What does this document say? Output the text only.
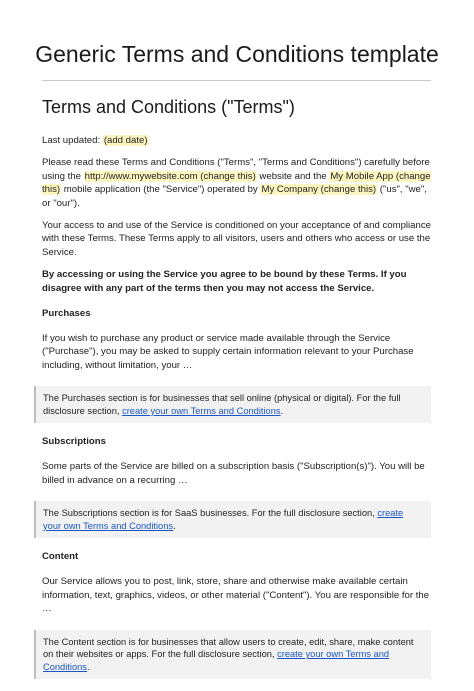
Generic Terms and Conditions template
Terms and Conditions ("Terms")

Last updated: (add date)

Please read these Terms and Conditions ("Terms", "Terms and Conditions") carefully before using the http://www.mywebsite.com (change this) website and the My Mobile App (change this) mobile application (the "Service") operated by My Company (change this) ("us", "we", or "our").

Your access to and use of the Service is conditioned on your acceptance of and compliance with these Terms. These Terms apply to all visitors, users and others who access or use the Service.

By accessing or using the Service you agree to be bound by these Terms. If you disagree with any part of the terms then you may not access the Service.

Purchases

If you wish to purchase any product or service made available through the Service ("Purchase"), you may be asked to supply certain information relevant to your Purchase including, without limitation, your …

The Purchases section is for businesses that sell online (physical or digital). For the full disclosure section, create your own Terms and Conditions.
Subscriptions

Some parts of the Service are billed on a subscription basis ("Subscription(s)"). You will be billed in advance on a recurring …

The Subscriptions section is for SaaS businesses. For the full disclosure section, create your own Terms and Conditions.
Content

Our Service allows you to post, link, store, share and otherwise make available certain information, text, graphics, videos, or other material ("Content"). You are responsible for the …

The Content section is for businesses that allow users to create, edit, share, make content on their websites or apps. For the full disclosure section, create your own Terms and Conditions.
